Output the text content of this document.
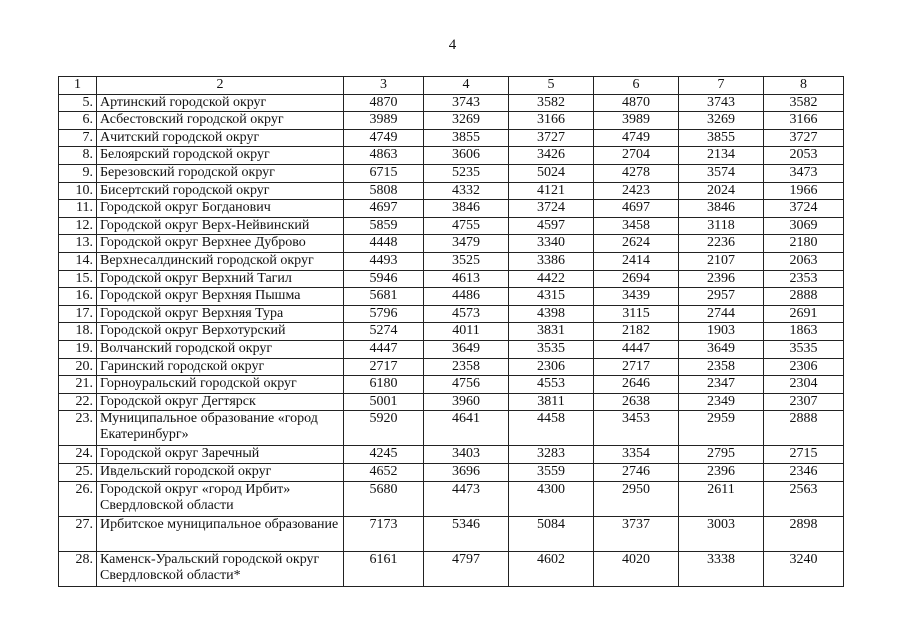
4
1	2	3	4	5	6	7	8
5.	Артинский городской округ	4870	3743	3582	4870	3743	3582
6.	Асбестовский городской округ	3989	3269	3166	3989	3269	3166
7.	Ачитский городской округ	4749	3855	3727	4749	3855	3727
8.	Белоярский городской округ	4863	3606	3426	2704	2134	2053
9.	Березовский городской округ	6715	5235	5024	4278	3574	3473
10.	Бисертский городской округ	5808	4332	4121	2423	2024	1966
11.	Городской округ Богданович	4697	3846	3724	4697	3846	3724
12.	Городской округ Верх-Нейвинский	5859	4755	4597	3458	3118	3069
13.	Городской округ Верхнее Дуброво	4448	3479	3340	2624	2236	2180
14.	Верхнесалдинский городской округ	4493	3525	3386	2414	2107	2063
15.	Городской округ Верхний Тагил	5946	4613	4422	2694	2396	2353
16.	Городской округ Верхняя Пышма	5681	4486	4315	3439	2957	2888
17.	Городской округ Верхняя Тура	5796	4573	4398	3115	2744	2691
18.	Городской округ Верхотурский	5274	4011	3831	2182	1903	1863
19.	Волчанский городской округ	4447	3649	3535	4447	3649	3535
20.	Гаринский городской округ	2717	2358	2306	2717	2358	2306
21.	Горноуральский городской округ	6180	4756	4553	2646	2347	2304
22.	Городской округ Дегтярск	5001	3960	3811	2638	2349	2307
23.	Муниципальное образование «город Екатеринбург»	5920	4641	4458	3453	2959	2888
24.	Городской округ Заречный	4245	3403	3283	3354	2795	2715
25.	Ивдельский городской округ	4652	3696	3559	2746	2396	2346
26.	Городской округ «город Ирбит» Свердловской области	5680	4473	4300	2950	2611	2563
27.	Ирбитское муниципальное образование	7173	5346	5084	3737	3003	2898
28.	Каменск-Уральский городской округ Свердловской области*	6161	4797	4602	4020	3338	3240
